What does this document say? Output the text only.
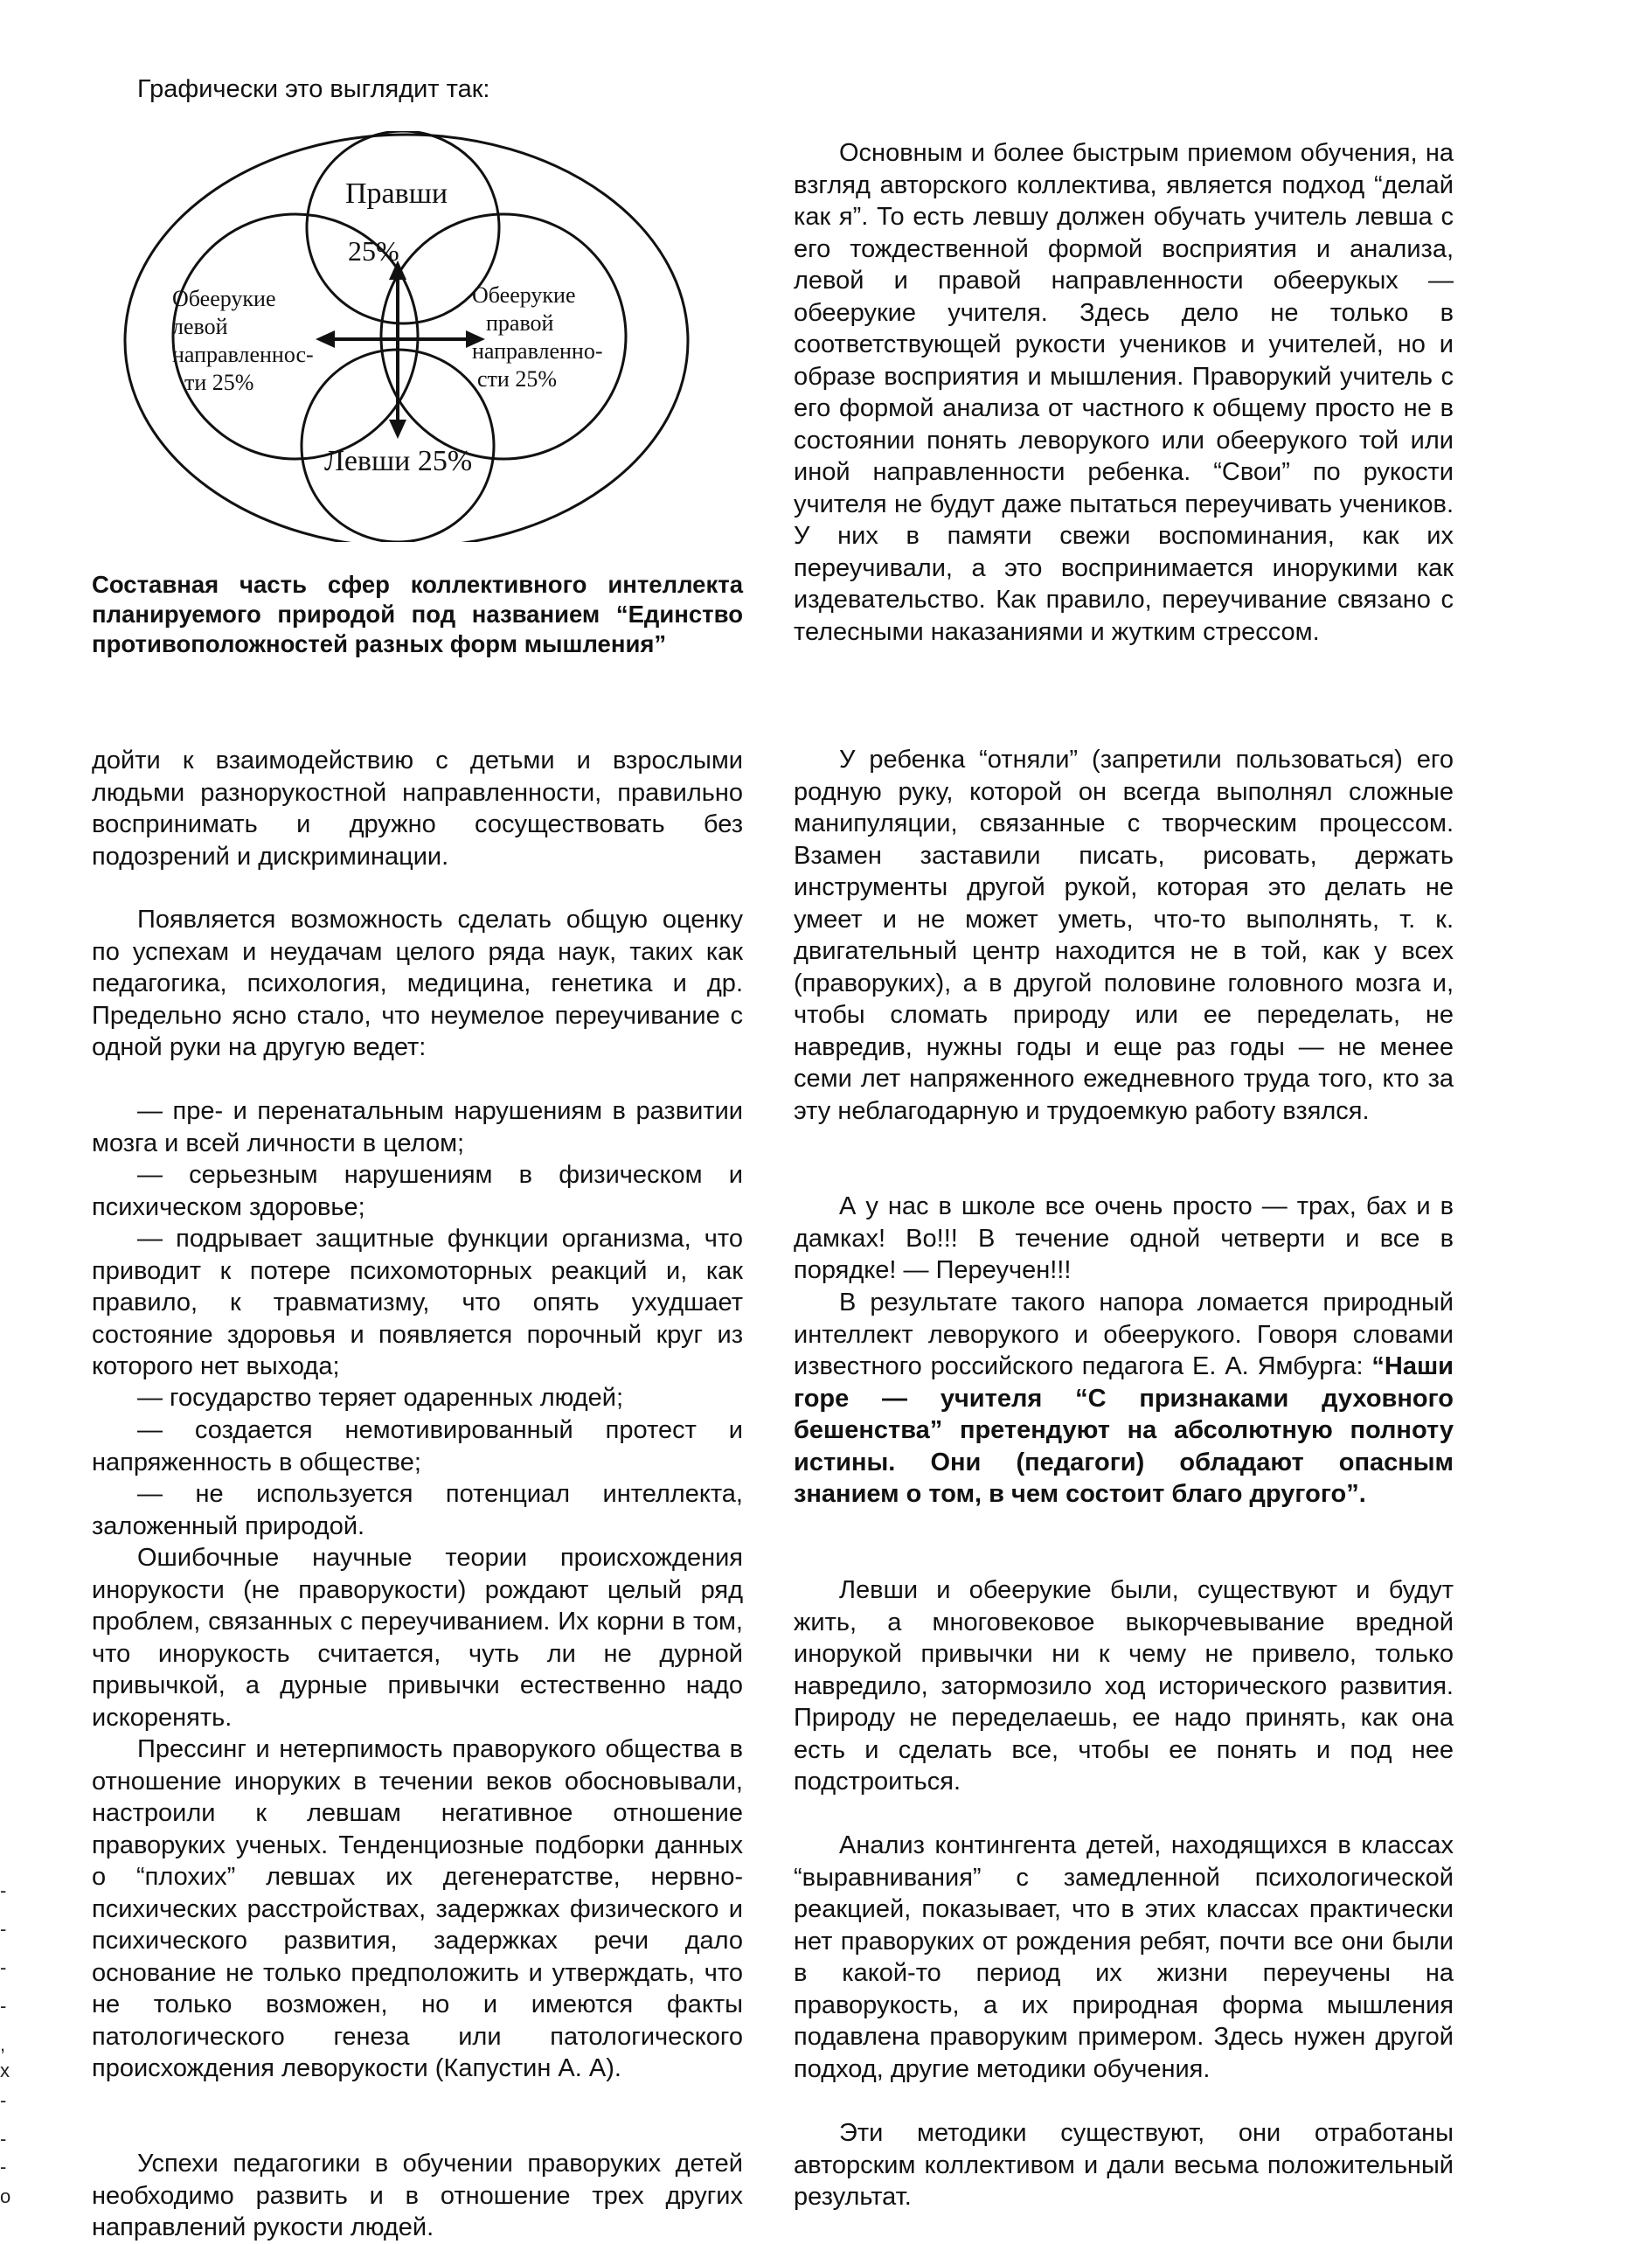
Графически это выглядит так:

Правши
25%
Обеерукие
левой
направленнос-
ти 25%
Обеерукие
правой
направленно-
сти 25%
Левши 25%

Составная часть сфер коллективного интеллекта планируемого природой под названием “Единство противоположностей разных форм мышления”

дойти к взаимодействию с детьми и взрослыми людьми разнорукостной направленности, правильно воспринимать и дружно сосуществовать без подозрений и дискриминации.

Появляется возможность сделать общую оценку по успехам и неудачам целого ряда наук, таких как педагогика, психология, медицина, генетика и др. Предельно ясно стало, что неумелое переучивание с одной руки на другую ведет:

— пре- и перенатальным нарушениям в развитии мозга и всей личности в целом;

— серьезным нарушениям в физическом и психическом здоровье;

— подрывает защитные функции организма, что приводит к потере психомоторных реакций и, как правило, к травматизму, что опять ухудшает состояние здоровья и появляется порочный круг из которого нет выхода;

— государство теряет одаренных людей;

— создается немотивированный протест и напряженность в обществе;

— не используется потенциал интеллекта, заложенный природой.

Ошибочные научные теории происхождения инорукости (не праворукости) рождают целый ряд проблем, связанных с переучиванием. Их корни в том, что инорукость считается, чуть ли не дурной привычкой, а дурные привычки естественно надо искоренять.

Прессинг и нетерпимость праворукого общества в отношение инoруких в течении веков обосновывали, настроили к левшам негативное отношение праворуких ученых. Тенденциозные подборки данных о “плохих” левшах их дегенератстве, нервно-психических расстройствах, задержках физического и психического развития, задержках речи дало основание не только предположить и утверждать, что не только возможен, но и имеются факты патологического генеза или патологического происхождения леворукости (Капустин А. А).

Успехи педагогики в обучении праворуких детей необходимо развить и в отношение трех других направлений рукости людей.

Основным и более быстрым приемом обучения, на взгляд авторского коллектива, является подход “делай как я”. То есть левшу должен обучать учитель левша с его тождественной формой восприятия и анализа, левой и правой направленности обеерукых — обеерукие учителя. Здесь дело не только в соответствующей рукости учеников и учителей, но и образе восприятия и мышления. Праворукий учитель с его формой анализа от частного к общему просто не в состоянии понять леворукого или обеерукого той или иной направленности ребенка. “Свои” по рукости учителя не будут даже пытаться переучивать учеников. У них в памяти свежи воспоминания, как их переучивали, а это воспринимается инорукими как издевательство. Как правило, переучивание связано с телесными наказаниями и жутким стрессом.

У ребенка “отняли” (запретили пользоваться) его родную руку, которой он всегда выполнял сложные манипуляции, связанные с творческим процессом. Взамен заставили писать, рисовать, держать инструменты другой рукой, которая это делать не умеет и не может уметь, что-то выполнять, т. к. двигательный центр находится не в той, как у всех (праворуких), а в другой половине головного мозга и, чтобы сломать природу или ее переделать, не навредив, нужны годы и еще раз годы — не менее семи лет напряженного ежедневного труда того, кто за эту неблагодарную и трудоемкую работу взялся.

А у нас в школе все очень просто — трах, бах и в дамках! Во!!! В течение одной четверти и все в порядке! — Переучен!!!

В результате такого напора ломается природный интеллект леворукого и обеерукого. Говоря словами известного российского педагога Е. А. Ямбурга: “Наши горе — учителя “С признаками духовного бешенства” претендуют на абсолютную полноту истины. Они (педагоги) обладают опасным знанием о том, в чем состоит благо другого”.

Левши и обеерукие были, существуют и будут жить, а многовековое выкорчевывание вредной инорукой привычки ни к чему не привело, только навредило, затормозило ход исторического развития. Природу не переделаешь, ее надо принять, как она есть и сделать все, чтобы ее понять и под нее подстроиться.

Анализ контингента детей, находящихся в классах “выравнивания” с замедленной психологической реакцией, показывает, что в этих классах практически нет праворуких от рождения ребят, почти все они были в какой-то период их жизни переучены на праворукость, а их природная форма мышления подавлена праворуким примером. Здесь нужен другой подход, другие методики обучения.

Эти методики существуют, они отработаны авторским коллективом и дали весьма положительный результат.

-
-
-
-
,
x
-
-
-
o
